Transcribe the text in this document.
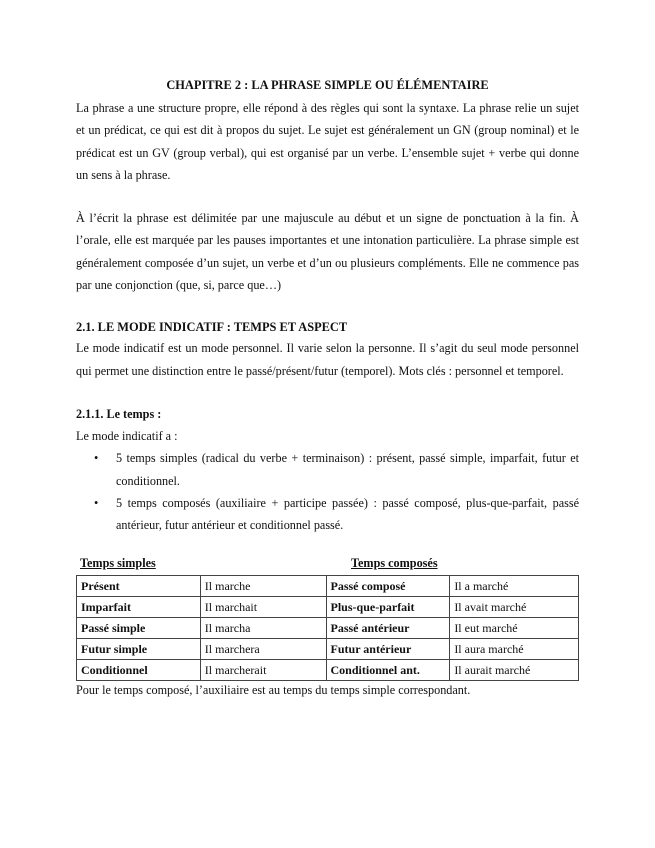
CHAPITRE 2 : LA PHRASE SIMPLE OU ÉLÉMENTAIRE

La phrase a une structure propre, elle répond à des règles qui sont la syntaxe. La phrase relie un sujet et un prédicat, ce qui est dit à propos du sujet. Le sujet est généralement un GN (group nominal) et le prédicat est un GV (group verbal), qui est organisé par un verbe. L’ensemble sujet + verbe qui donne un sens à la phrase.

À l’écrit la phrase est délimitée par une majuscule au début et un signe de ponctuation à la fin. À l’orale, elle est marquée par les pauses importantes et une intonation particulière. La phrase simple est généralement composée d’un sujet, un verbe et d’un ou plusieurs compléments. Elle ne commence pas par une conjonction (que, si, parce que…)

2.1. LE MODE INDICATIF : TEMPS ET ASPECT

Le mode indicatif est un mode personnel. Il varie selon la personne. Il s’agit du seul mode personnel qui permet une distinction entre le passé/présent/futur (temporel). Mots clés : personnel et temporel.

2.1.1. Le temps :

Le mode indicatif a :

• 5 temps simples (radical du verbe + terminaison) : présent, passé simple, imparfait, futur et conditionnel.
• 5 temps composés (auxiliaire + participe passée) : passé composé, plus-que-parfait, passé antérieur, futur antérieur et conditionnel passé.
Temps simples	Temps composés
Présent	Il marche	Passé composé	Il a marché
Imparfait	Il marchait	Plus-que-parfait	Il avait marché
Passé simple	Il marcha	Passé antérieur	Il eut marché
Futur simple	Il marchera	Futur antérieur	Il aura marché
Conditionnel	Il marcherait	Conditionnel ant.	Il aurait marché

Pour le temps composé, l’auxiliaire est au temps du temps simple correspondant.
